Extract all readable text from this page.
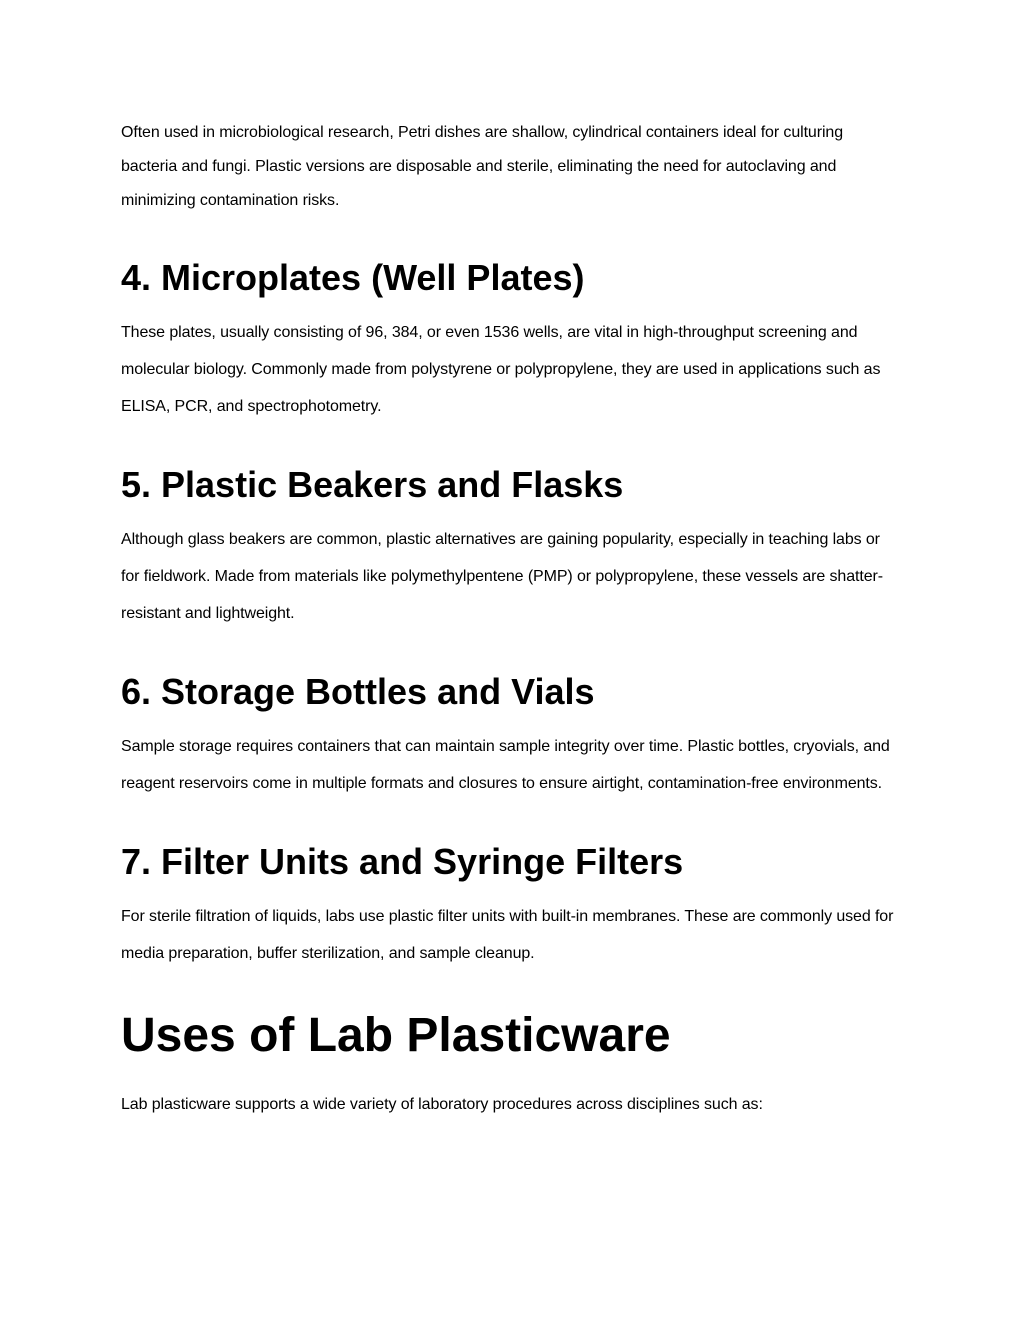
Often used in microbiological research, Petri dishes are shallow, cylindrical containers ideal for culturing bacteria and fungi. Plastic versions are disposable and sterile, eliminating the need for autoclaving and minimizing contamination risks.

4. Microplates (Well Plates)

These plates, usually consisting of 96, 384, or even 1536 wells, are vital in high-throughput screening and molecular biology. Commonly made from polystyrene or polypropylene, they are used in applications such as ELISA, PCR, and spectrophotometry.

5. Plastic Beakers and Flasks

Although glass beakers are common, plastic alternatives are gaining popularity, especially in teaching labs or for fieldwork. Made from materials like polymethylpentene (PMP) or polypropylene, these vessels are shatter-resistant and lightweight.

6. Storage Bottles and Vials

Sample storage requires containers that can maintain sample integrity over time. Plastic bottles, cryovials, and reagent reservoirs come in multiple formats and closures to ensure airtight, contamination-free environments.

7. Filter Units and Syringe Filters

For sterile filtration of liquids, labs use plastic filter units with built-in membranes. These are commonly used for media preparation, buffer sterilization, and sample cleanup.

Uses of Lab Plasticware

Lab plasticware supports a wide variety of laboratory procedures across disciplines such as:
